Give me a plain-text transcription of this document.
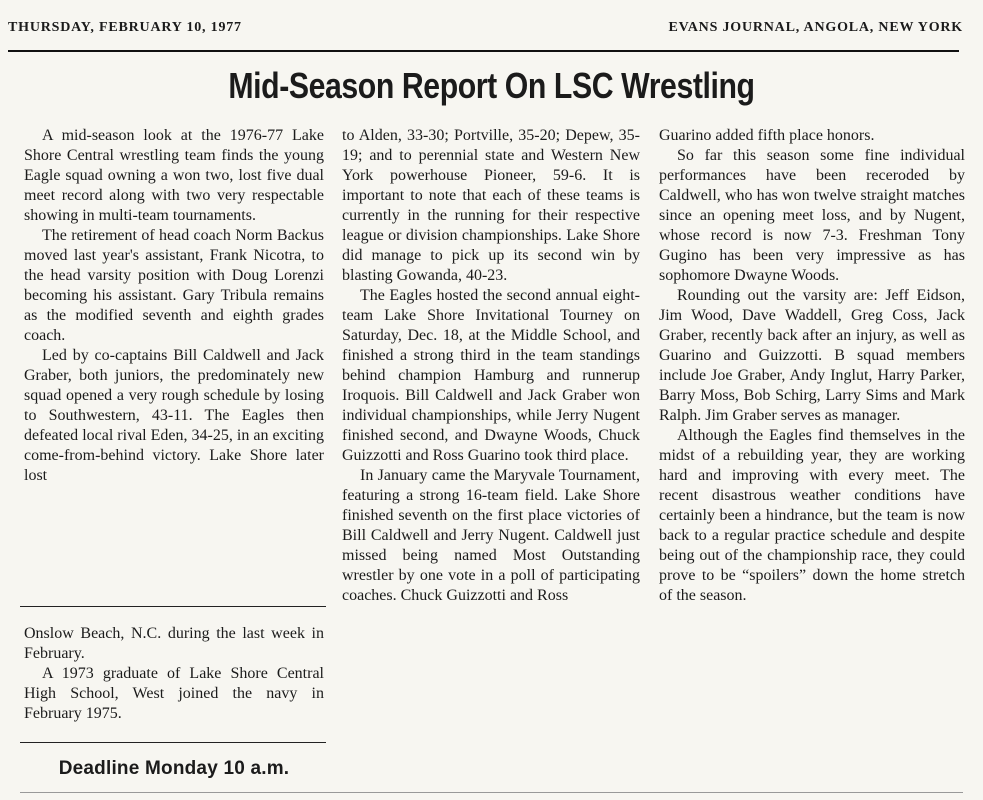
THURSDAY, FEBRUARY 10, 1977	EVANS JOURNAL, ANGOLA, NEW YORK
Mid-Season Report On LSC Wrestling

A mid-season look at the 1976-77 Lake Shore Central wrestling team finds the young Eagle squad owning a won two, lost five dual meet record along with two very respectable showing in multi-team tournaments.

The retirement of head coach Norm Backus moved last year's assistant, Frank Nicotra, to the head varsity position with Doug Lorenzi becoming his assistant. Gary Tribula remains as the modified seventh and eighth grades coach.

Led by co-captains Bill Caldwell and Jack Graber, both juniors, the predominately new squad opened a very rough schedule by losing to Southwestern, 43-11. The Eagles then defeated local rival Eden, 34-25, in an exciting come-from-behind victory. Lake Shore later lost

to Alden, 33-30; Portville, 35-20; Depew, 35-19; and to perennial state and Western New York powerhouse Pioneer, 59-6. It is important to note that each of these teams is currently in the running for their respective league or division championships. Lake Shore did manage to pick up its second win by blasting Gowanda, 40-23.

The Eagles hosted the second annual eight-team Lake Shore Invitational Tourney on Saturday, Dec. 18, at the Middle School, and finished a strong third in the team standings behind champion Hamburg and runnerup Iroquois. Bill Caldwell and Jack Graber won individual championships, while Jerry Nugent finished second, and Dwayne Woods, Chuck Guizzotti and Ross Guarino took third place.

In January came the Maryvale Tournament, featuring a strong 16-team field. Lake Shore finished seventh on the first place victories of Bill Caldwell and Jerry Nugent. Caldwell just missed being named Most Outstanding wrestler by one vote in a poll of participating coaches. Chuck Guizzotti and Ross

Guarino added fifth place honors.

So far this season some fine individual performances have been receroded by Caldwell, who has won twelve straight matches since an opening meet loss, and by Nugent, whose record is now 7-3. Freshman Tony Gugino has been very impressive as has sophomore Dwayne Woods.

Rounding out the varsity are: Jeff Eidson, Jim Wood, Dave Waddell, Greg Coss, Jack Graber, recently back after an injury, as well as Guarino and Guizzotti. B squad members include Joe Graber, Andy Inglut, Harry Parker, Barry Moss, Bob Schirg, Larry Sims and Mark Ralph. Jim Graber serves as manager.

Although the Eagles find themselves in the midst of a rebuilding year, they are working hard and improving with every meet. The recent disastrous weather conditions have certainly been a hindrance, but the team is now back to a regular practice schedule and despite being out of the championship race, they could prove to be “spoilers” down the home stretch of the season.

Onslow Beach, N.C. during the last week in February.

A 1973 graduate of Lake Shore Central High School, West joined the navy in February 1975.

Deadline Monday 10 a.m.
